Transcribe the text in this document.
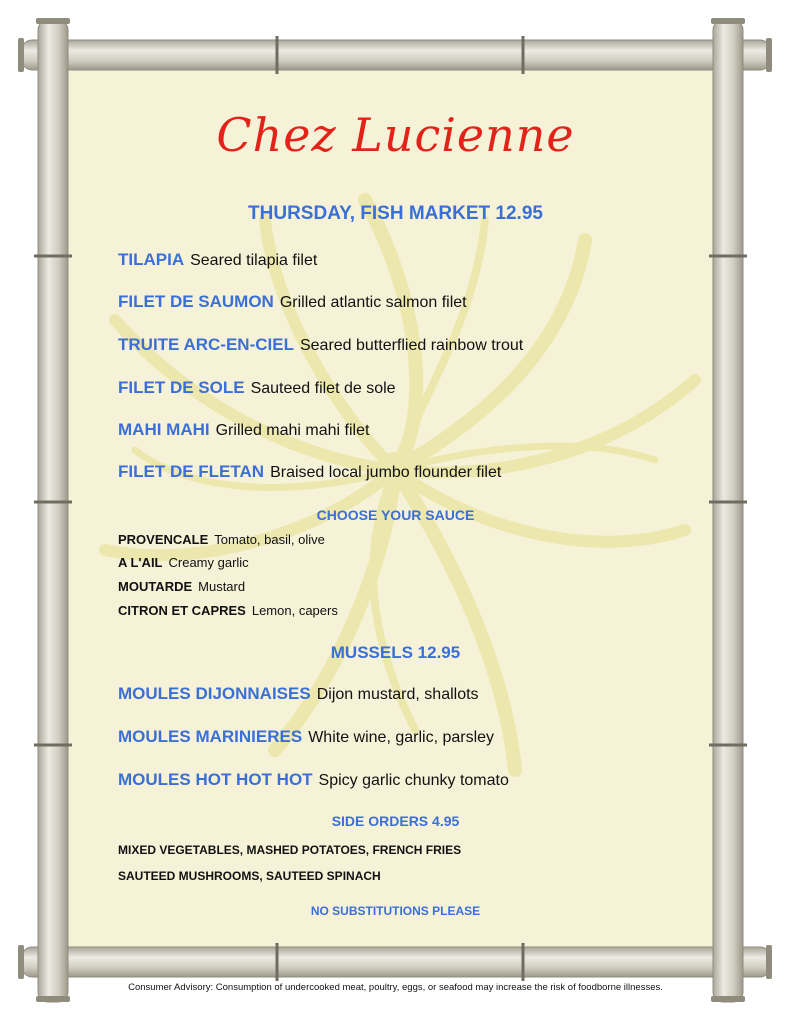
Chez Lucienne
THURSDAY, FISH MARKET 12.95
TILAPIA Seared tilapia filet
FILET DE SAUMON Grilled atlantic salmon filet
TRUITE ARC-EN-CIEL Seared butterflied rainbow trout
FILET DE SOLE Sauteed filet de sole
MAHI MAHI Grilled mahi mahi filet
FILET DE FLETAN Braised local jumbo flounder filet
CHOOSE YOUR SAUCE
PROVENCALE Tomato, basil, olive
A L'AIL Creamy garlic
MOUTARDE Mustard
CITRON ET CAPRES Lemon, capers
MUSSELS 12.95
MOULES DIJONNAISES Dijon mustard, shallots
MOULES MARINIERES White wine, garlic, parsley
MOULES HOT HOT HOT Spicy garlic chunky tomato
SIDE ORDERS 4.95
MIXED VEGETABLES, MASHED POTATOES, FRENCH FRIES
SAUTEED MUSHROOMS, SAUTEED SPINACH
NO SUBSTITUTIONS PLEASE
Consumer Advisory: Consumption of undercooked meat, poultry, eggs, or seafood may increase the risk of foodborne illnesses.
